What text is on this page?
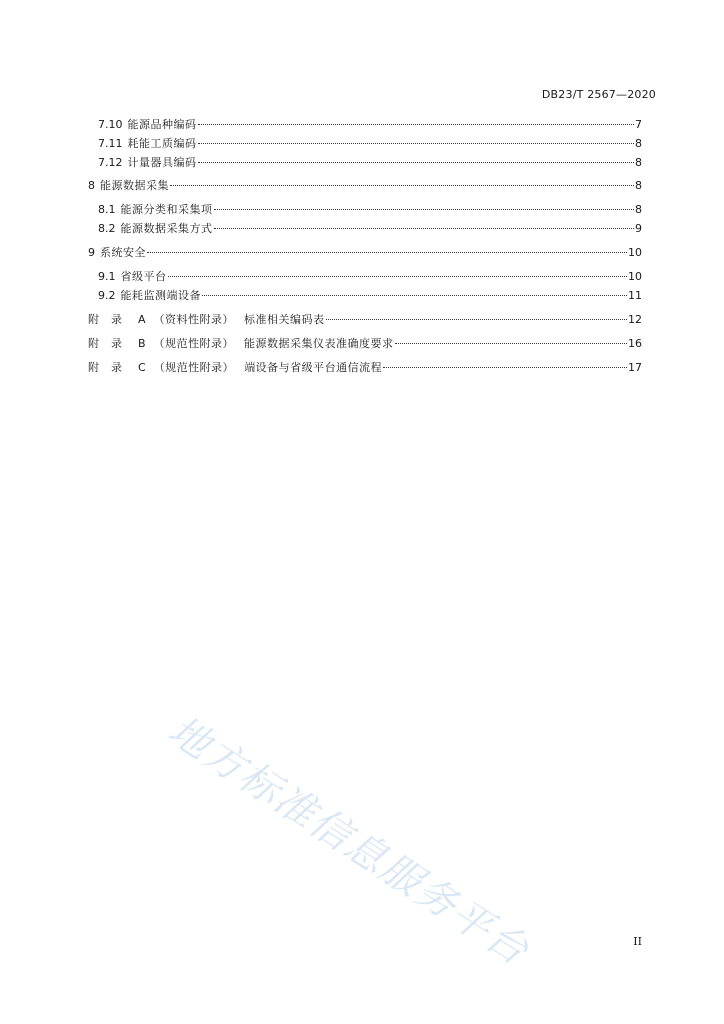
DB23/T 2567—2020
7.10 能源品种编码	7
7.11 耗能工质编码	8
7.12 计量器具编码	8
8 能源数据采集	8
8.1 能源分类和采集项	8
8.2 能源数据采集方式	9
9 系统安全	10
9.1 省级平台	10
9.2 能耗监测端设备	11
附录 A （资料性附录） 标准相关编码表	12
附录 B （规范性附录） 能源数据采集仪表准确度要求	16
附录 C （规范性附录） 端设备与省级平台通信流程	17
地方标准信息服务平台	II
